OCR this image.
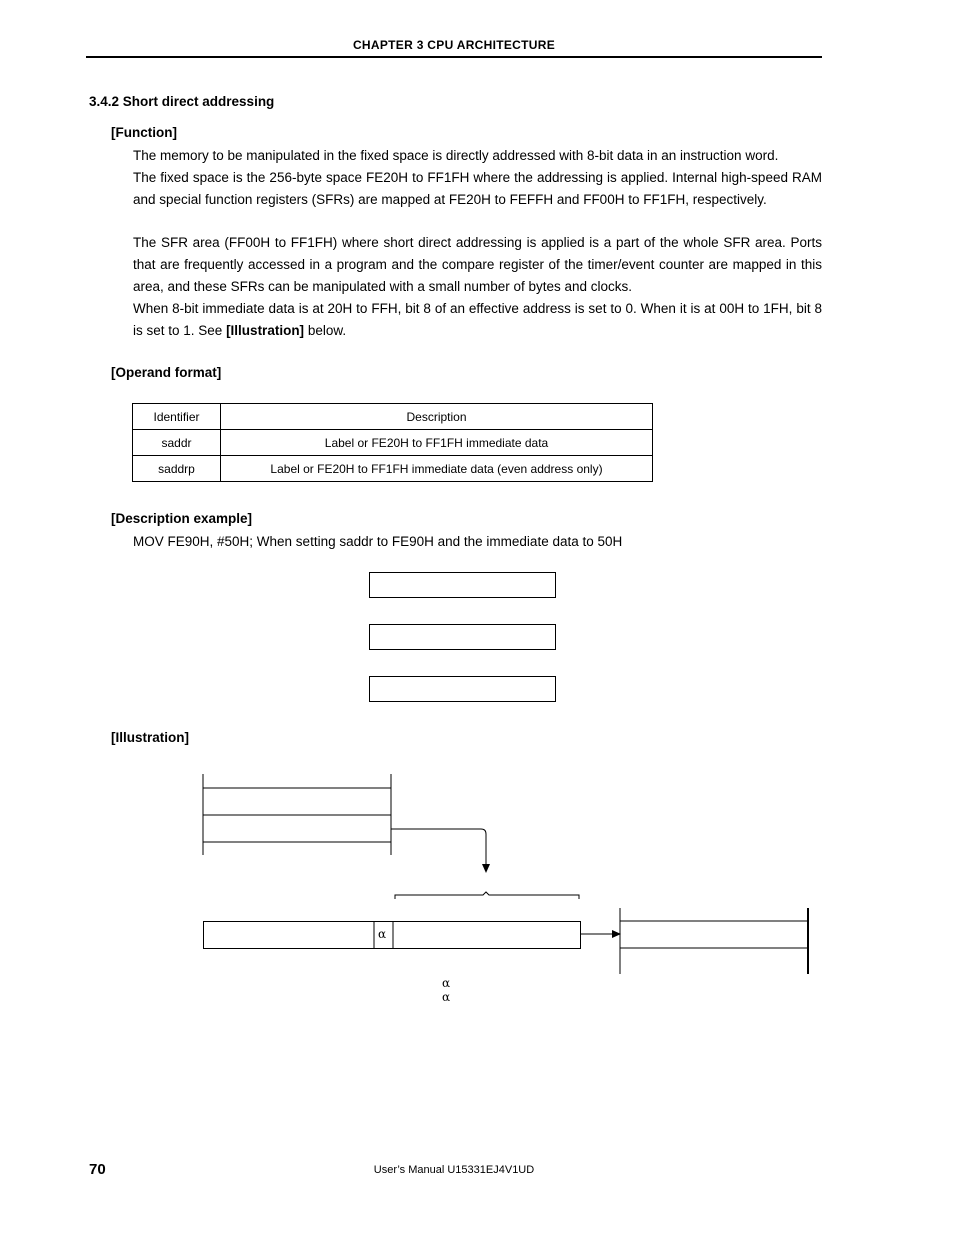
CHAPTER 3 CPU ARCHITECTURE
3.4.2 Short direct addressing
[Function]

The memory to be manipulated in the fixed space is directly addressed with 8-bit data in an instruction word.

The fixed space is the 256-byte space FE20H to FF1FH where the addressing is applied. Internal high-speed RAM and special function registers (SFRs) are mapped at FE20H to FEFFH and FF00H to FF1FH, respectively.

The SFR area (FF00H to FF1FH) where short direct addressing is applied is a part of the whole SFR area. Ports that are frequently accessed in a program and the compare register of the timer/event counter are mapped in this area, and these SFRs can be manipulated with a small number of bytes and clocks.

When 8-bit immediate data is at 20H to FFH, bit 8 of an effective address is set to 0. When it is at 00H to 1FH, bit 8 is set to 1. See [Illustration] below.

[Operand format]
Identifier	Description
saddr	Label or FE20H to FF1FH immediate data
saddrp	Label or FE20H to FF1FH immediate data (even address only)
[Description example]

MOV FE90H, #50H; When setting saddr to FE90H and the immediate data to 50H

[Illustration]
α
α
α
70	User’s Manual U15331EJ4V1UD
